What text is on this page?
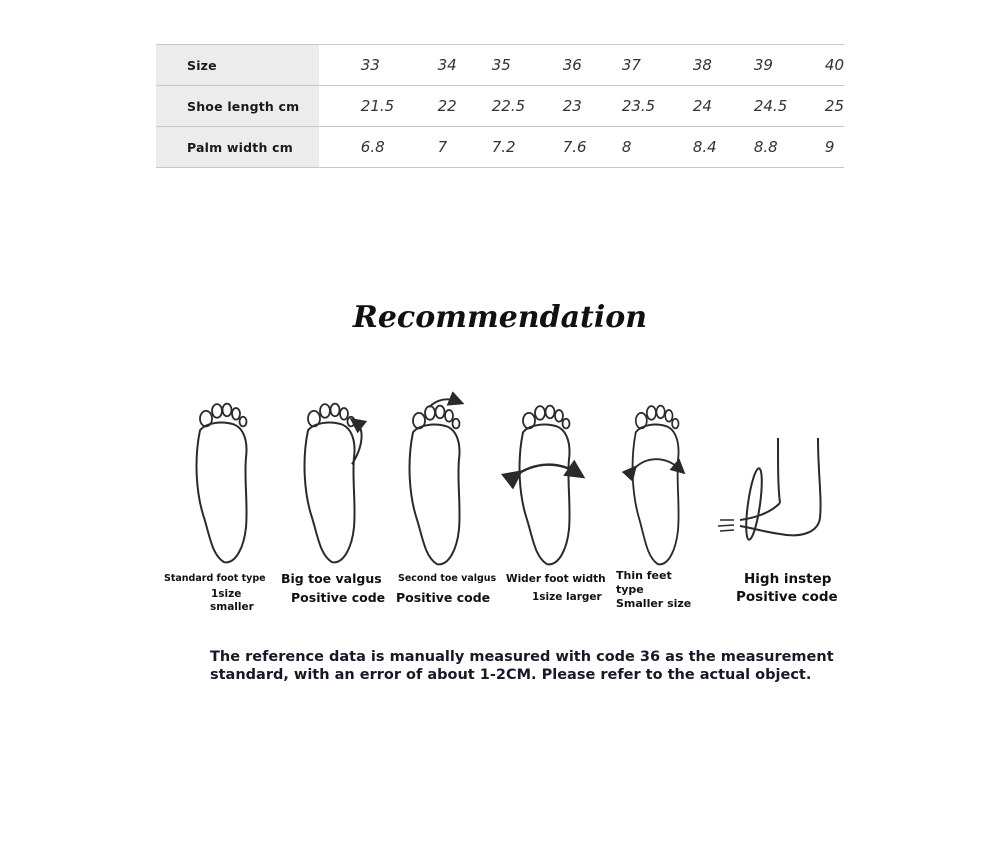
Size	33	34	35	36	37	38	39	40
Shoe length cm	21.5	22	22.5	23	23.5	24	24.5	25
Palm width cm	6.8	7	7.2	7.6	8	8.4	8.8	9
Recommendation
Standard foot type
1size
smaller
Big toe valgus
Positive code
Second toe valgus
Positive code
Wider foot width
1size larger
Thin feet
type
Smaller size
High instep
Positive code
The reference data is manually measured with code 36 as the measurement standard, with an error of about 1-2CM. Please refer to the actual object.
